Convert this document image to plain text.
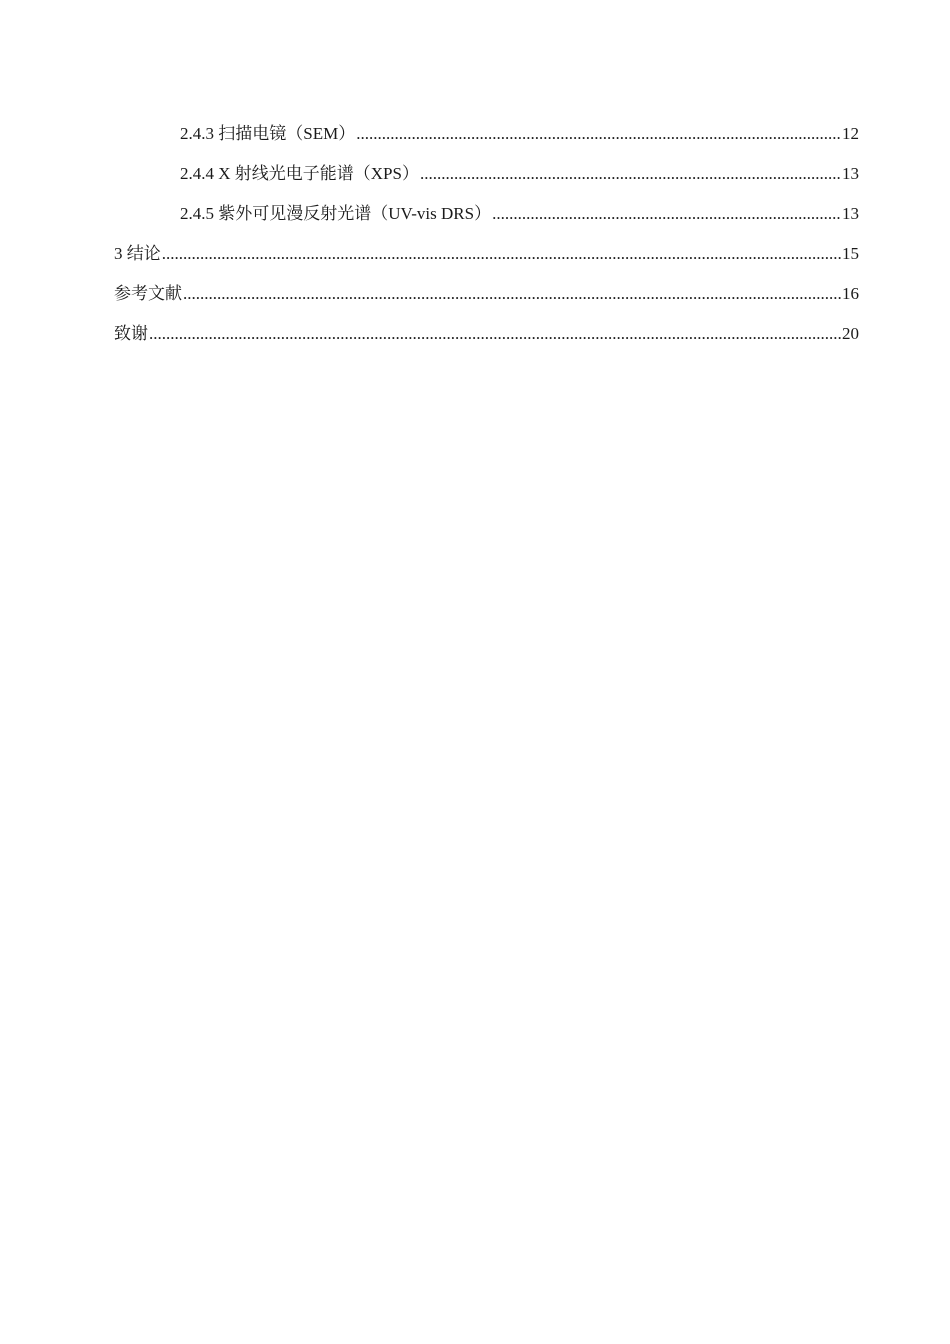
2.4.3 扫描电镜（SEM） .....	12
2.4.4 X 射线光电子能谱（XPS） .....	13
2.4.5 紫外可见漫反射光谱（UV-vis DRS） .....	13
3 结论 .....	15
参考文献 .....	16
致谢 .....	20
